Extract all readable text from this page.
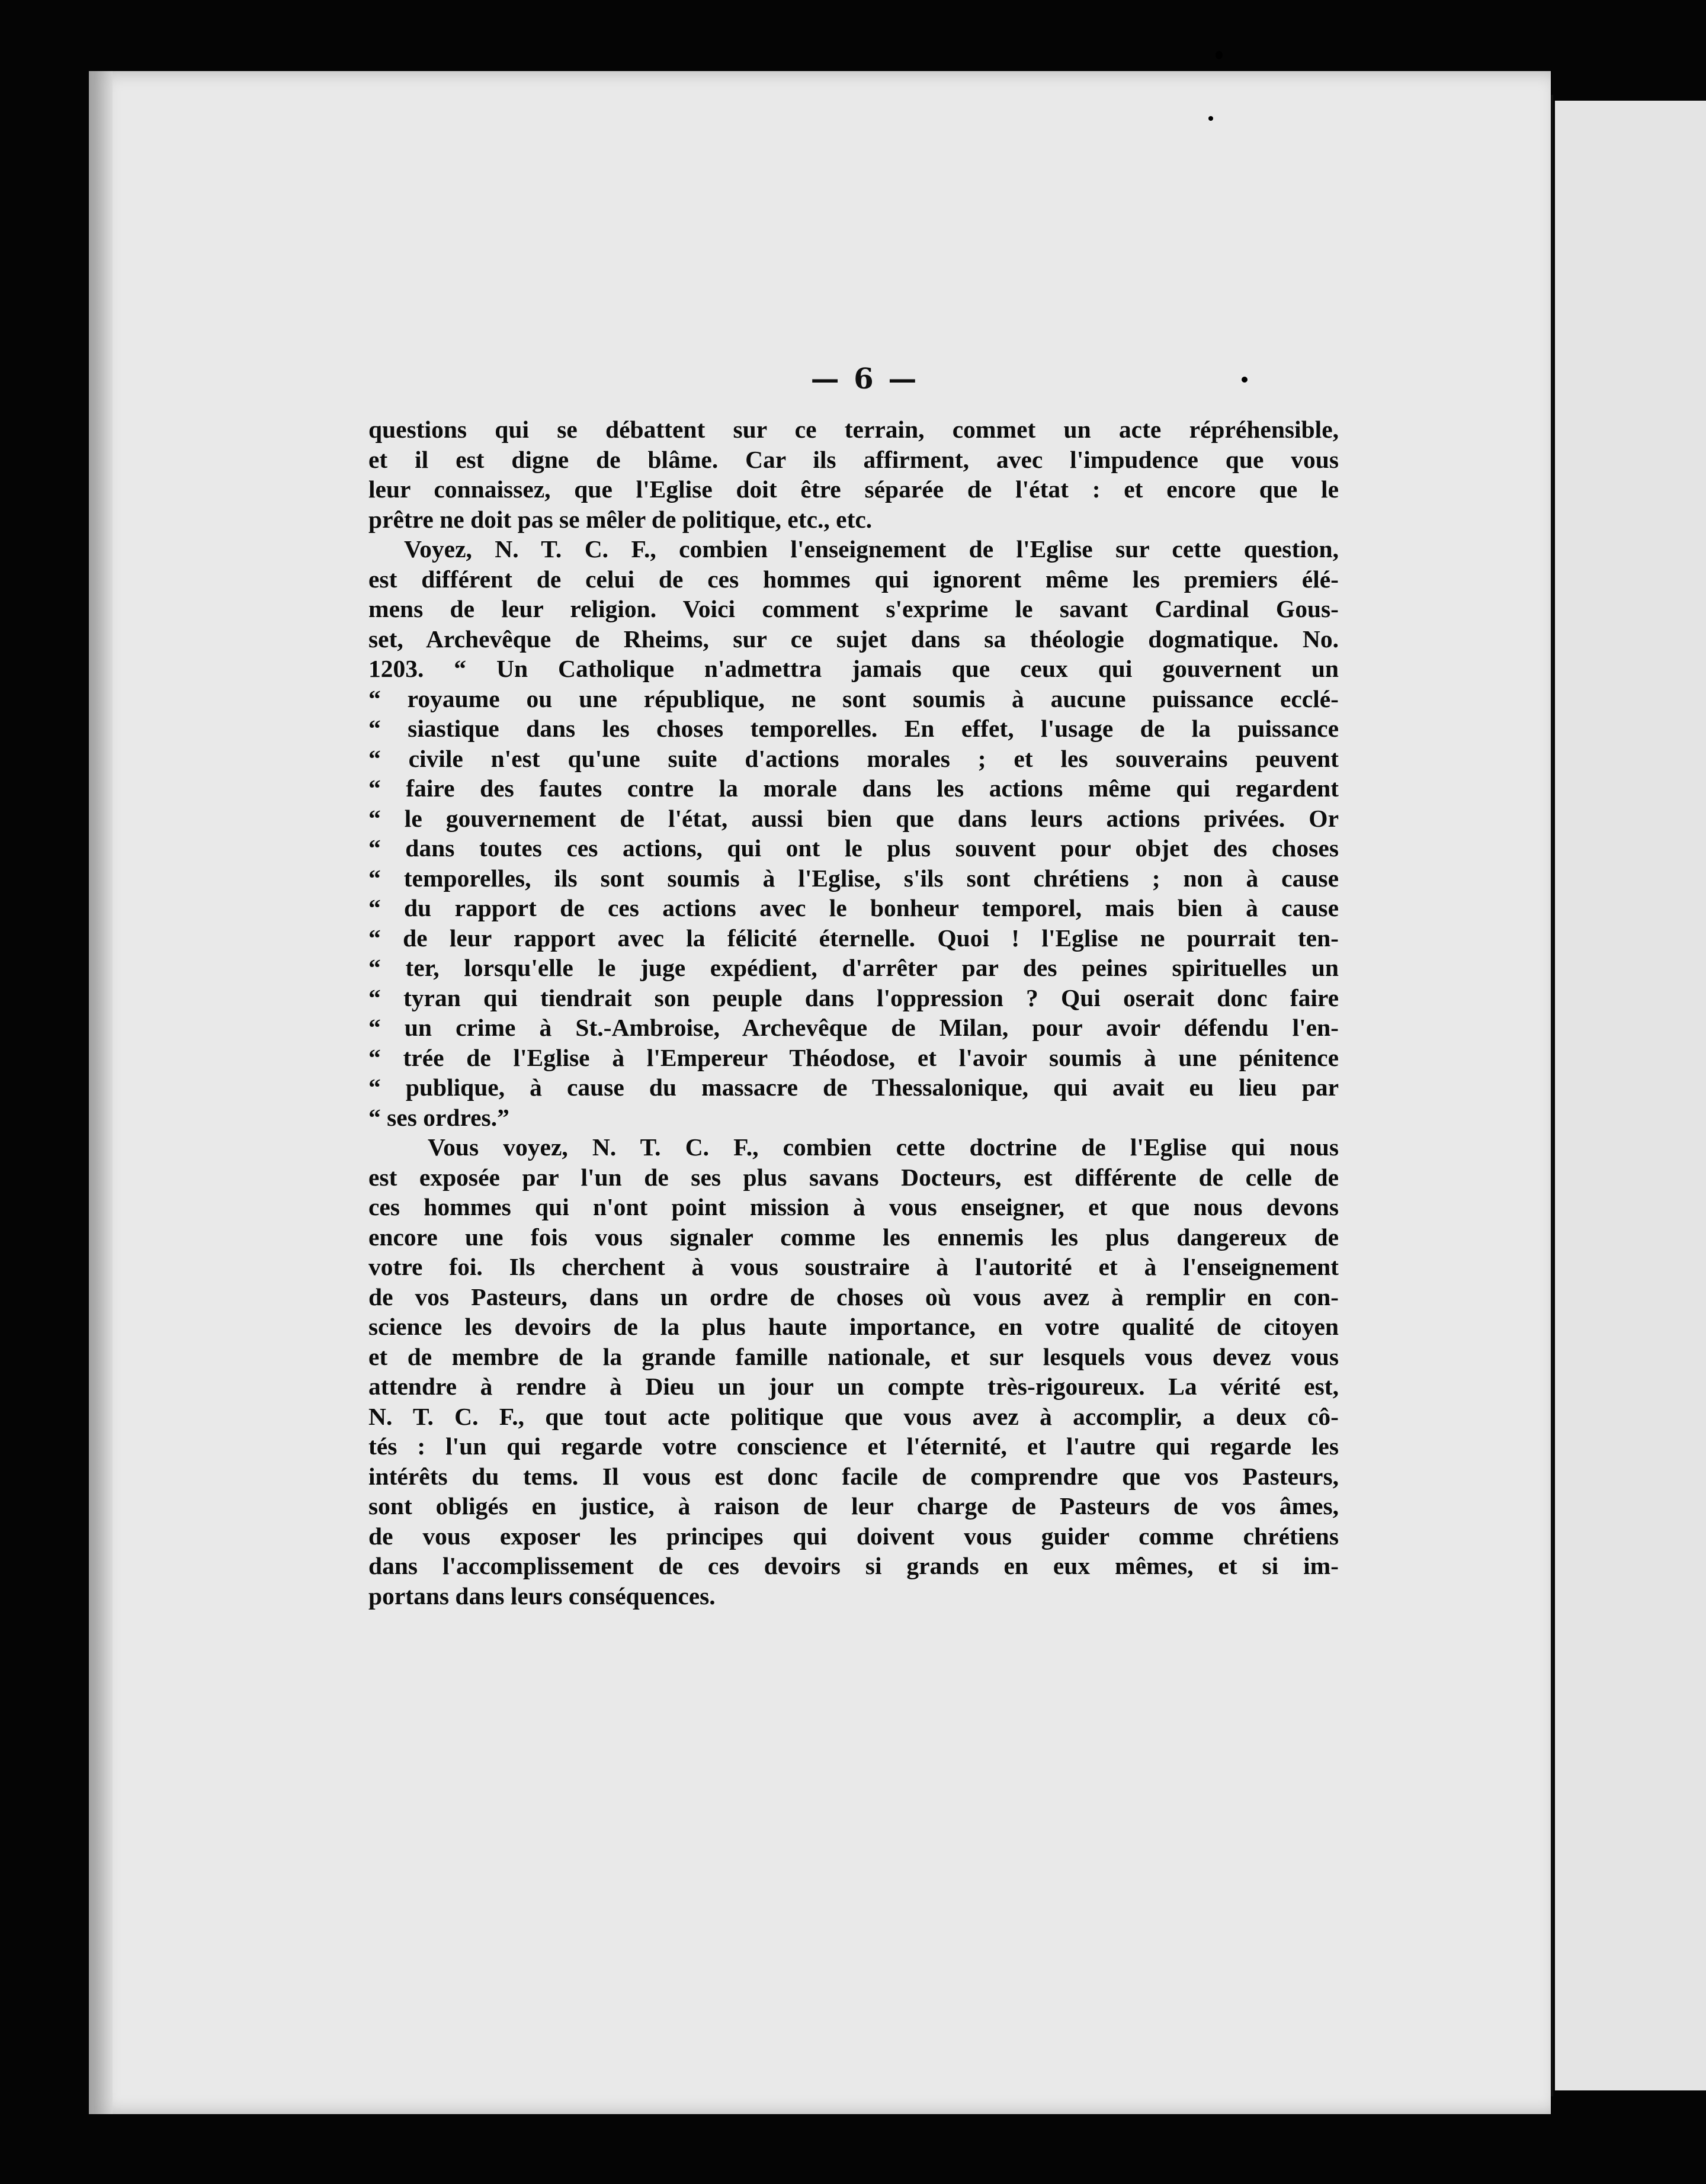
— 6 —
questions qui se débattent sur ce terrain, commet un acte répréhensible,
et il est digne de blâme. Car ils affirment, avec l'impudence que vous
leur connaissez, que l'Eglise doit être séparée de l'état : et encore que le
prêtre ne doit pas se mêler de politique, etc., etc.
Voyez, N. T. C. F., combien l'enseignement de l'Eglise sur cette question,
est différent de celui de ces hommes qui ignorent même les premiers élé-
mens de leur religion. Voici comment s'exprime le savant Cardinal Gous-
set, Archevêque de Rheims, sur ce sujet dans sa théologie dogmatique. No.
1203. “ Un Catholique n'admettra jamais que ceux qui gouvernent un
“ royaume ou une république, ne sont soumis à aucune puissance ecclé-
“ siastique dans les choses temporelles. En effet, l'usage de la puissance
“ civile n'est qu'une suite d'actions morales ; et les souverains peuvent
“ faire des fautes contre la morale dans les actions même qui regardent
“ le gouvernement de l'état, aussi bien que dans leurs actions privées. Or
“ dans toutes ces actions, qui ont le plus souvent pour objet des choses
“ temporelles, ils sont soumis à l'Eglise, s'ils sont chrétiens ; non à cause
“ du rapport de ces actions avec le bonheur temporel, mais bien à cause
“ de leur rapport avec la félicité éternelle. Quoi ! l'Eglise ne pourrait ten-
“ ter, lorsqu'elle le juge expédient, d'arrêter par des peines spirituelles un
“ tyran qui tiendrait son peuple dans l'oppression ? Qui oserait donc faire
“ un crime à St.-Ambroise, Archevêque de Milan, pour avoir défendu l'en-
“ trée de l'Eglise à l'Empereur Théodose, et l'avoir soumis à une pénitence
“ publique, à cause du massacre de Thessalonique, qui avait eu lieu par
“ ses ordres.”
Vous voyez, N. T. C. F., combien cette doctrine de l'Eglise qui nous
est exposée par l'un de ses plus savans Docteurs, est différente de celle de
ces hommes qui n'ont point mission à vous enseigner, et que nous devons
encore une fois vous signaler comme les ennemis les plus dangereux de
votre foi. Ils cherchent à vous soustraire à l'autorité et à l'enseignement
de vos Pasteurs, dans un ordre de choses où vous avez à remplir en con-
science les devoirs de la plus haute importance, en votre qualité de citoyen
et de membre de la grande famille nationale, et sur lesquels vous devez vous
attendre à rendre à Dieu un jour un compte très-rigoureux. La vérité est,
N. T. C. F., que tout acte politique que vous avez à accomplir, a deux cô-
tés : l'un qui regarde votre conscience et l'éternité, et l'autre qui regarde les
intérêts du tems. Il vous est donc facile de comprendre que vos Pasteurs,
sont obligés en justice, à raison de leur charge de Pasteurs de vos âmes,
de vous exposer les principes qui doivent vous guider comme chrétiens
dans l'accomplissement de ces devoirs si grands en eux mêmes, et si im-
portans dans leurs conséquences.
